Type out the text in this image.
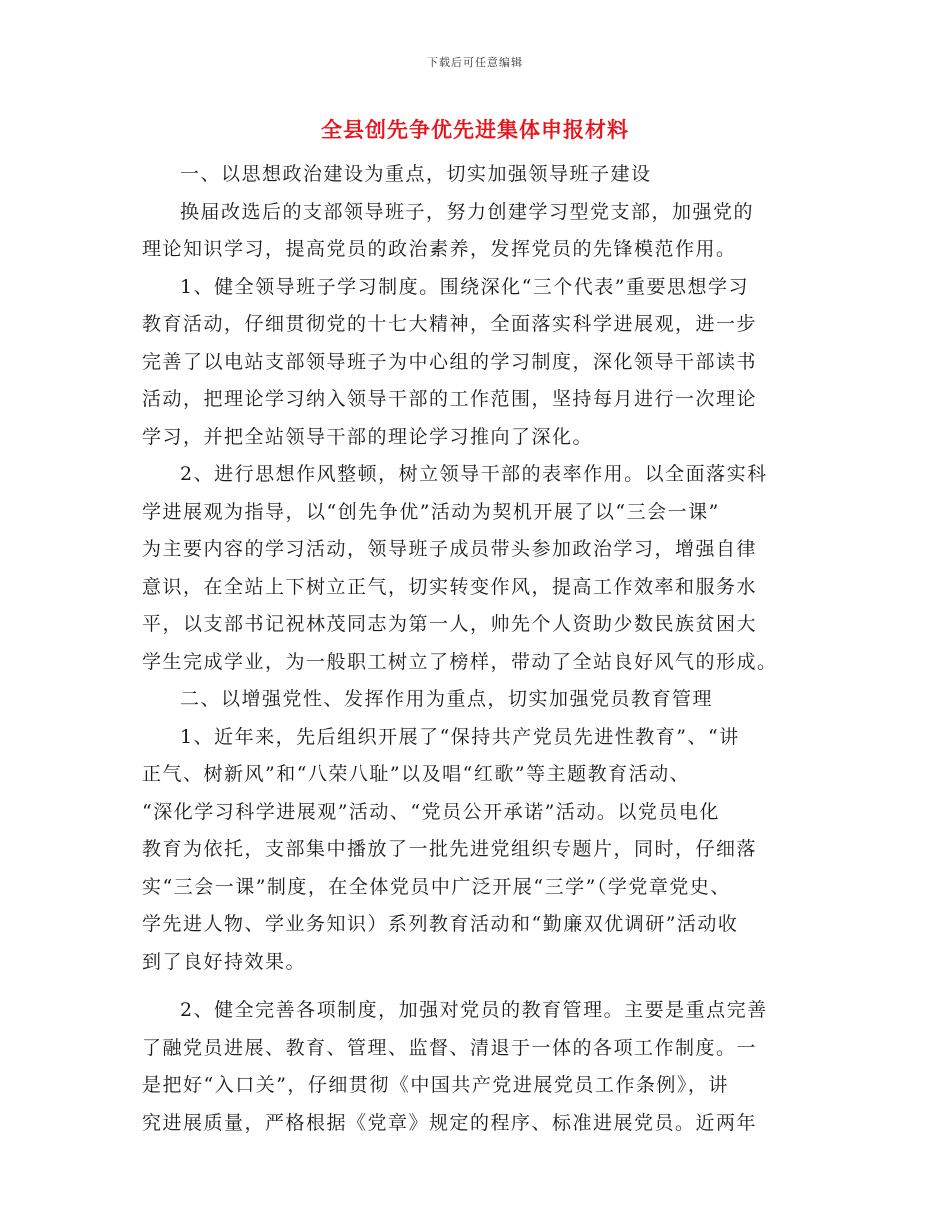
下载后可任意编辑
全县创先争优先进集体申报材料

一、以思想政治建设为重点，切实加强领导班子建设

换届改选后的支部领导班子，努力创建学习型党支部，加强党的
理论知识学习，提高党员的政治素养，发挥党员的先锋模范作用。

1、健全领导班子学习制度。围绕深化“三个代表”重要思想学习
教育活动，仔细贯彻党的十七大精神，全面落实科学进展观，进一步
完善了以电站支部领导班子为中心组的学习制度，深化领导干部读书
活动，把理论学习纳入领导干部的工作范围，坚持每月进行一次理论
学习，并把全站领导干部的理论学习推向了深化。

2、进行思想作风整顿，树立领导干部的表率作用。以全面落实科
学进展观为指导，以“创先争优”活动为契机开展了以“三会一课”
为主要内容的学习活动，领导班子成员带头参加政治学习，增强自律
意识，在全站上下树立正气，切实转变作风，提高工作效率和服务水
平，以支部书记祝林茂同志为第一人，帅先个人资助少数民族贫困大
学生完成学业，为一般职工树立了榜样，带动了全站良好风气的形成。

二、以增强党性、发挥作用为重点，切实加强党员教育管理

1、近年来，先后组织开展了“保持共产党员先进性教育”、“讲
正气、树新风”和“八荣八耻”以及唱“红歌”等主题教育活动、
“深化学习科学进展观”活动、“党员公开承诺”活动。以党员电化
教育为依托，支部集中播放了一批先进党组织专题片，同时，仔细落
实“三会一课”制度，在全体党员中广泛开展“三学”（学党章党史、
学先进人物、学业务知识）系列教育活动和“勤廉双优调研”活动收
到了良好持效果。

2、健全完善各项制度，加强对党员的教育管理。主要是重点完善
了融党员进展、教育、管理、监督、清退于一体的各项工作制度。一
是把好“入口关”，仔细贯彻《中国共产党进展党员工作条例》，讲
究进展质量，严格根据《党章》规定的程序、标准进展党员。近两年
